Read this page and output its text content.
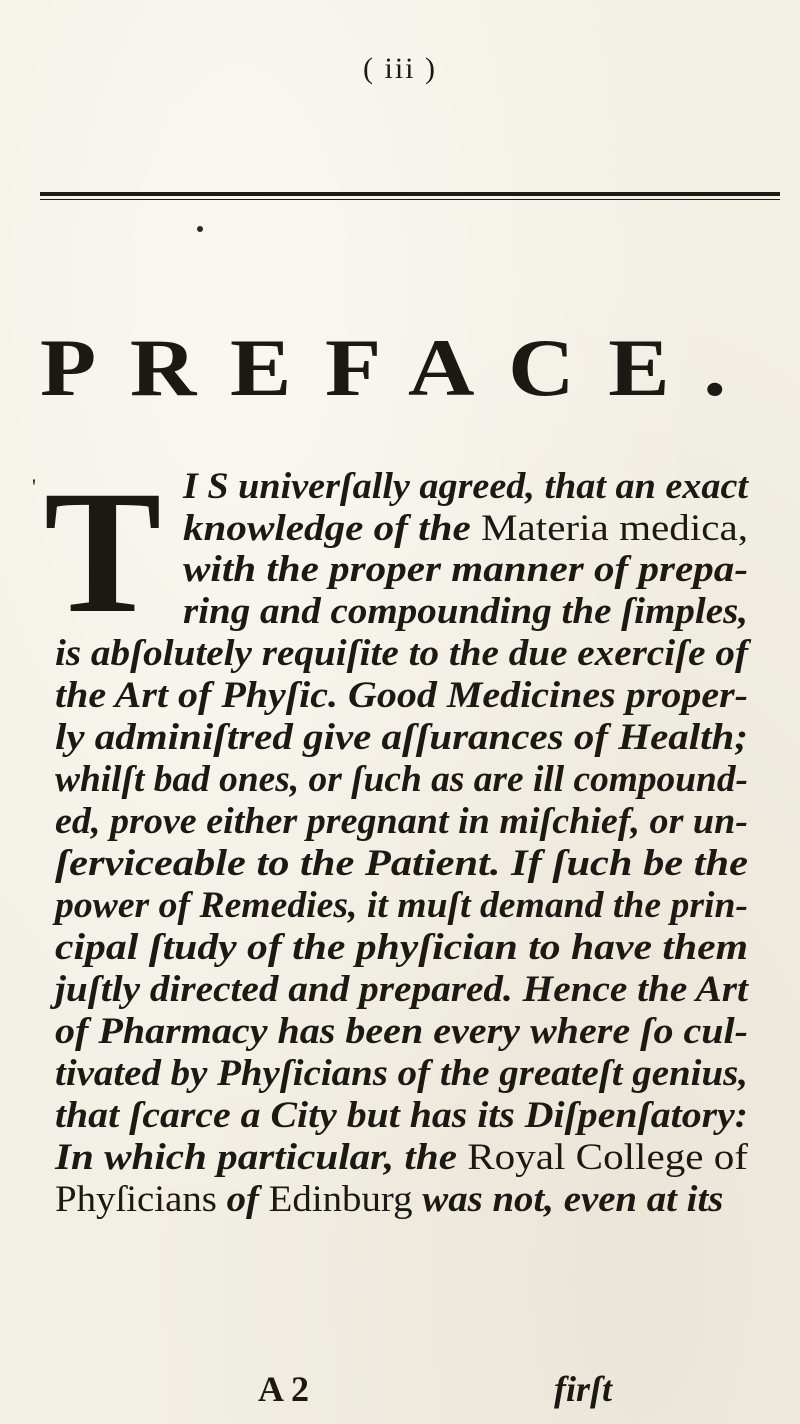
( iii )
PREFACE.
' T I S univerſally agreed, that an exact
knowledge of the Materia medica,
with the proper manner of prepa-
ring and compounding the ſimples,
is abſolutely requiſite to the due exerciſe of
the Art of Phyſic. Good Medicines proper-
ly adminiſtred give aſſurances of Health;
whilſt bad ones, or ſuch as are ill compound-
ed, prove either pregnant in miſchief, or un-
ſerviceable to the Patient. If ſuch be the
power of Remedies, it muſt demand the prin-
cipal ſtudy of the phyſician to have them
juſtly directed and prepared. Hence the Art
of Pharmacy has been every where ſo cul-
tivated by Phyſicians of the greateſt genius,
that ſcarce a City but has its Diſpenſatory:
In which particular, the Royal College of
Phyſicians of Edinburg was not, even at its
A 2	firſt
